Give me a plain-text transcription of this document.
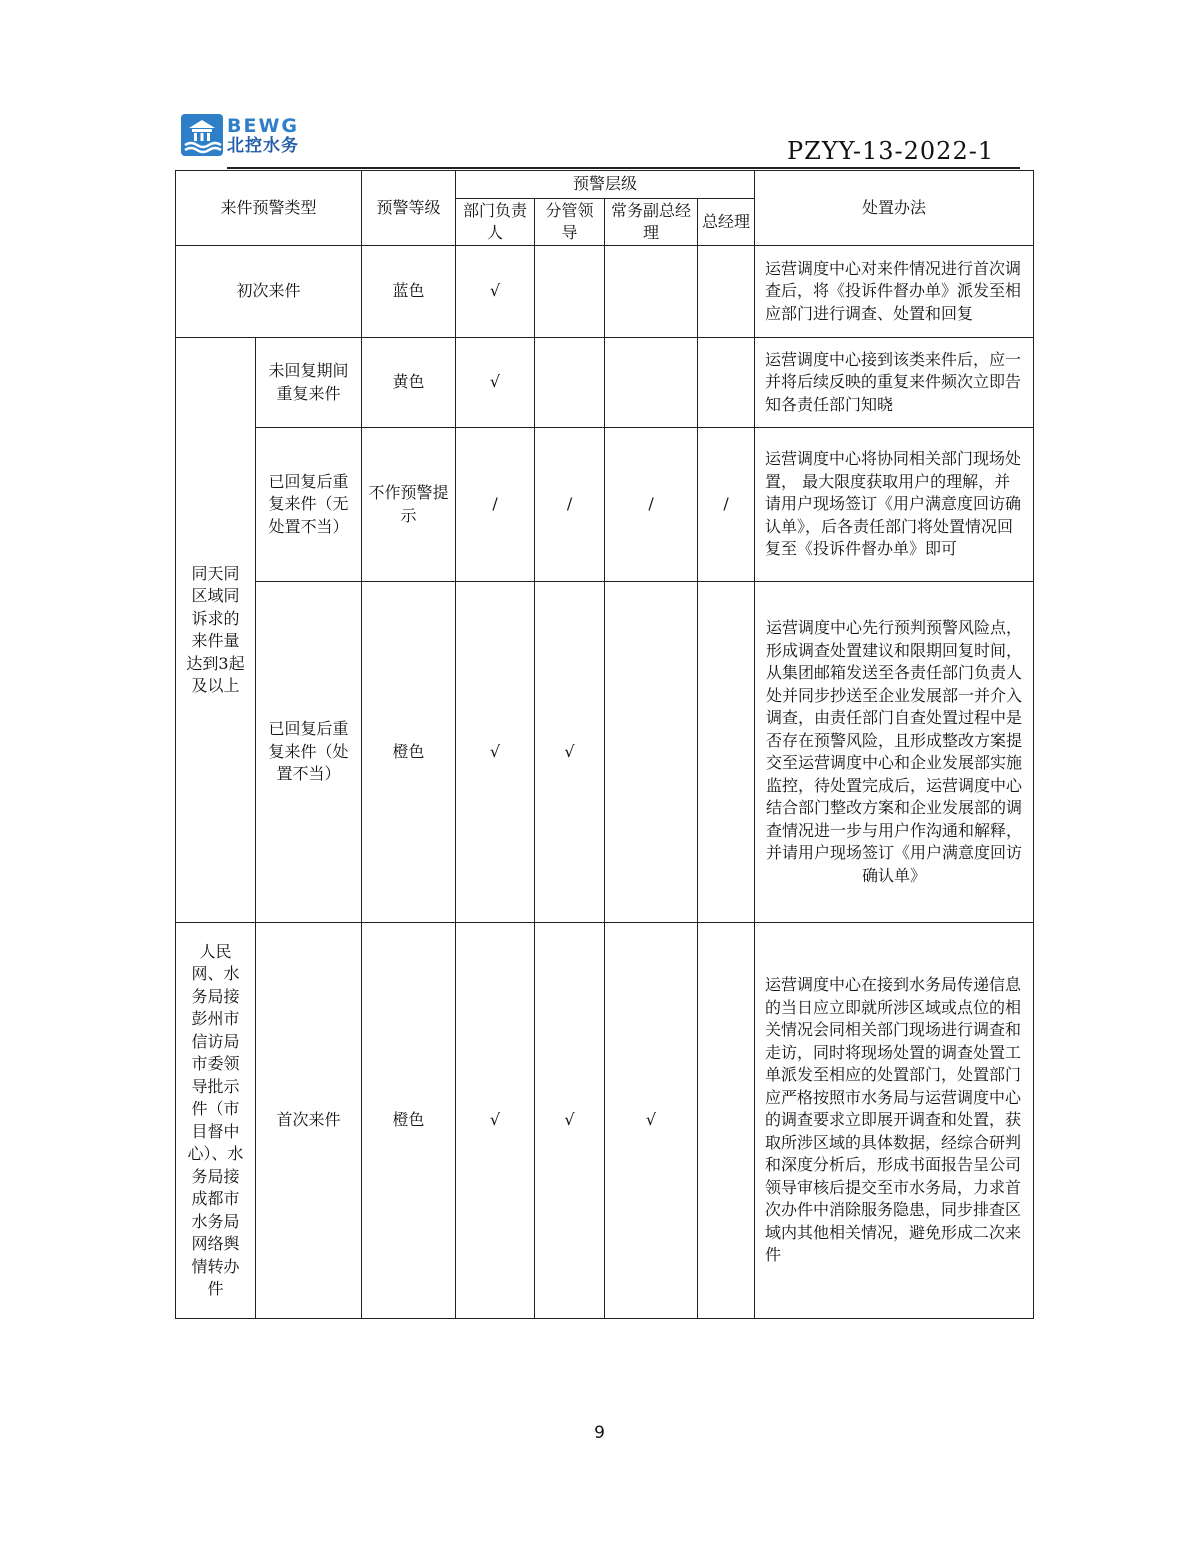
BEWG
北控水务	PZYY-13-2022-1
来件预警类型		预警等级	预警层级				处置办法
			部门负责人	分管领导	常务副总经理	总经理	
初次来件		蓝色	√				运营调度中心对来件情况进行首次调查后，将《投诉件督办单》派发至相应部门进行调查、处置和回复
同天同区域同诉求的来件量达到3起及以上	未回复期间重复来件	黄色	√				运营调度中心接到该类来件后，应一并将后续反映的重复来件频次立即告知各责任部门知晓
	已回复后重复来件（无处置不当）	不作预警提示	/	/	/	/	运营调度中心将协同相关部门现场处置， 最大限度获取用户的理解，并请用户现场签订《用户满意度回访确认单》，后各责任部门将处置情况回复至《投诉件督办单》即可
	已回复后重复来件（处置不当）	橙色	√	√			运营调度中心先行预判预警风险点，形成调查处置建议和限期回复时间，从集团邮箱发送至各责任部门负责人处并同步抄送至企业发展部一并介入调查，由责任部门自查处置过程中是否存在预警风险，且形成整改方案提交至运营调度中心和企业发展部实施监控，待处置完成后，运营调度中心结合部门整改方案和企业发展部的调查情况进一步与用户作沟通和解释，并请用户现场签订《用户满意度回访确认单》
人民网、水务局接彭州市信访局市委领导批示件（市目督中心）、水务局接成都市水务局网络舆情转办件	首次来件	橙色	√	√	√		运营调度中心在接到水务局传递信息的当日应立即就所涉区域或点位的相关情况会同相关部门现场进行调查和走访，同时将现场处置的调查处置工单派发至相应的处置部门，处置部门应严格按照市水务局与运营调度中心的调查要求立即展开调查和处置，获取所涉区域的具体数据，经综合研判和深度分析后，形成书面报告呈公司领导审核后提交至市水务局，力求首次办件中消除服务隐患，同步排查区域内其他相关情况，避免形成二次来件
9
